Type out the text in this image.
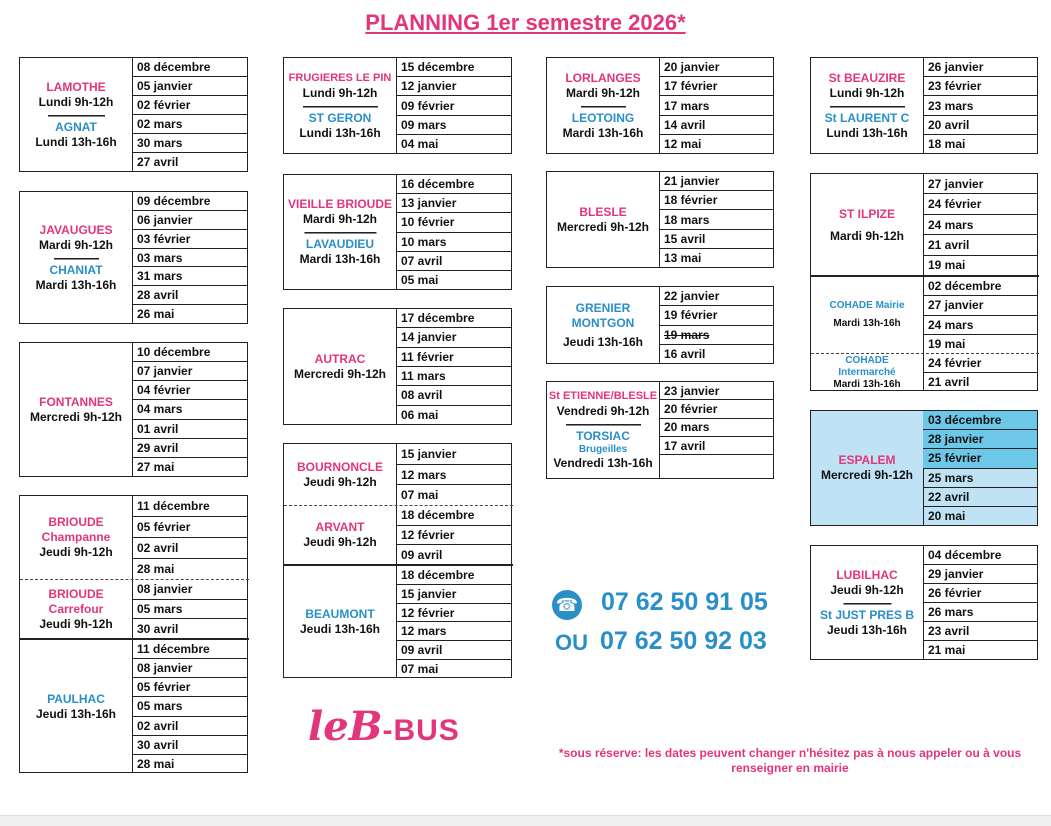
PLANNING 1er semestre 2026*
LAMOTHE
Lundi 9h-12h
-------------------
AGNAT
Lundi 13h-16h
08 décembre
05 janvier
02 février
02 mars
30 mars
27 avril
JAVAUGUES
Mardi 9h-12h
---------------
CHANIAT
Mardi 13h-16h
09 décembre
06 janvier
03 février
03 mars
31 mars
28 avril
26 mai
FONTANNES
Mercredi 9h-12h
10 décembre
07 janvier
04 février
04 mars
01 avril
29 avril
27 mai
BRIOUDE
Champanne
Jeudi 9h-12h
11 décembre
05 février
02 avril
28 mai
BRIOUDE
Carrefour
Jeudi 9h-12h
08 janvier
05 mars
30 avril
PAULHAC
Jeudi 13h-16h
11 décembre
08 janvier
05 février
05 mars
02 avril
30 avril
28 mai
FRUGIERES LE PIN
Lundi 9h-12h
-------------------------
ST GERON
Lundi 13h-16h
15 décembre
12 janvier
09 février
09 mars
04 mai
VIEILLE BRIOUDE
Mardi 9h-12h
------------------------
LAVAUDIEU
Mardi 13h-16h
16 décembre
13 janvier
10 février
10 mars
07 avril
05 mai
AUTRAC
Mercredi 9h-12h
17 décembre
14 janvier
11 février
11 mars
08 avril
06 mai
BOURNONCLE
Jeudi 9h-12h
15 janvier
12 mars
07 mai
ARVANT
Jeudi 9h-12h
18 décembre
12 février
09 avril
BEAUMONT
Jeudi 13h-16h
18 décembre
15 janvier
12 février
12 mars
09 avril
07 mai
LORLANGES
Mardi 9h-12h
---------------
LEOTOING
Mardi 13h-16h
20 janvier
17 février
17 mars
14 avril
12 mai
BLESLE
Mercredi 9h-12h
21 janvier
18 février
18 mars
15 avril
13 mai
GRENIER
MONTGON
Jeudi 13h-16h
22 janvier
19 février
19 mars
16 avril
St ETIENNE/BLESLE
Vendredi 9h-12h
-------------------------
TORSIAC
Brugeilles
Vendredi 13h-16h
23 janvier
20 février
20 mars
17 avril
☎ 07 62 50 91 05
OU 07 62 50 92 03
leB-BUS
*sous réserve: les dates peuvent changer n'hésitez pas à nous appeler ou à vous renseigner en mairie
St BEAUZIRE
Lundi 9h-12h
-------------------------
St LAURENT C
Lundi 13h-16h
26 janvier
23 février
23 mars
20 avril
18 mai
ST ILPIZE
Mardi 9h-12h
27 janvier
24 février
24 mars
21 avril
19 mai
COHADE Mairie
Mardi 13h-16h
02 décembre
27 janvier
24 mars
19 mai
COHADE
Intermarché
Mardi 13h-16h
24 février
21 avril
ESPALEM
Mercredi 9h-12h
03 décembre
28 janvier
25 février
25 mars
22 avril
20 mai
LUBILHAC
Jeudi 9h-12h
----------------
St JUST PRES B
Jeudi 13h-16h
04 décembre
29 janvier
26 février
26 mars
23 avril
21 mai
